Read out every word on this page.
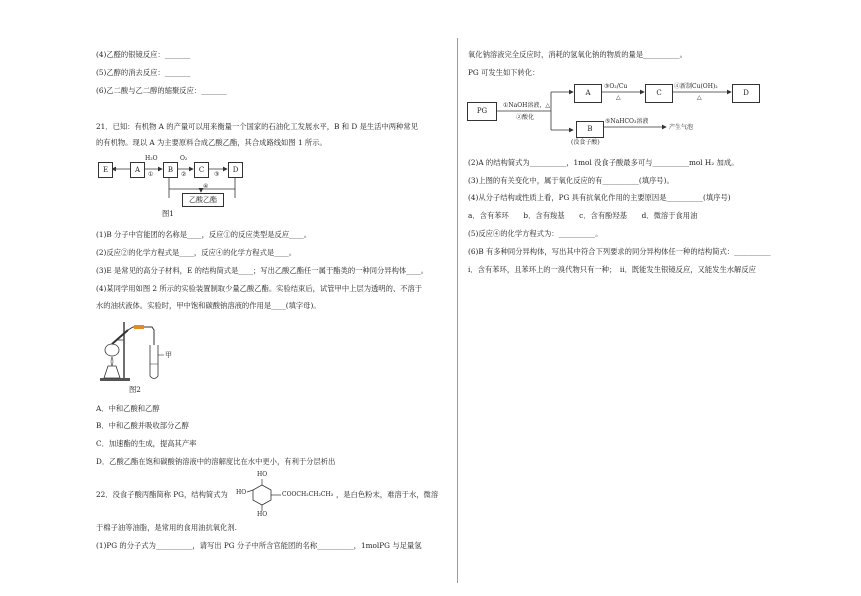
(4)乙醛的银镜反应：_______
(5)乙醇的消去反应：_______
(6)乙二酸与乙二醇的缩聚反应：_______
21．已知：有机物 A 的产量可以用来衡量一个国家的石油化工发展水平，B 和 D 是生活中两种常见
的有机物。现以 A 为主要原料合成乙酸乙酯，其合成路线如图 1 所示。
E	A	B	C	D
乙酸乙酯
H₂O
①
O₂
②	③
④
图1
(1)B 分子中官能团的名称是____，反应①的反应类型是反应____。
(2)反应②的化学方程式是____，反应④的化学方程式是____。
(3)E 是常见的高分子材料，E 的结构简式是____；写出乙酸乙酯任一属于酯类的一种同分异构体____。
(4)某同学用如图 2 所示的实验装置制取少量乙酸乙酯。实验结束后，试管甲中上层为透明的、不溶于
水的油状液体。实验时，甲中饱和碳酸钠溶液的作用是____(填字母)。
甲
图2
A．中和乙酸和乙醇
B．中和乙酸并吸收部分乙醇
C．加速酯的生成，提高其产率
D．乙酸乙酯在饱和碳酸钠溶液中的溶解度比在水中更小，有利于分层析出
22．没食子酸丙酯简称 PG，结构简式为
HO
HO
HO
COOCH₂CH₂CH₃ ，是白色粉末，难溶于水，微溶
于棉子油等油脂，是常用的食用油抗氧化剂.
(1)PG 的分子式为__________，请写出 PG 分子中所含官能团的名称__________，1molPG 与足量氢
氧化钠溶液完全反应时，消耗的氢氧化钠的物质的量是__________。
PG 可发生如下转化：
PG
A	C	D
B
①NaOH溶液，△
②酸化
③O₂/Cu
△
④新制Cu(OH)₂
△
(没食子酸)
⑤NaHCO₃溶液
产生气泡
(2)A 的结构简式为__________，1mol 没食子酸最多可与__________mol H₂ 加成。
(3)上图的有关变化中，属于氧化反应的有__________(填序号)。
(4)从分子结构或性质上看，PG 具有抗氧化作用的主要原因是__________(填序号)
a．含有苯环　　b．含有羧基　　c．含有酚羟基　　d．微溶于食用油
(5)反应④的化学方程式为：__________。
(6)B 有多种同分异构体，写出其中符合下列要求的同分异构体任一种的结构简式：__________
i．含有苯环，且苯环上的一溴代物只有一种；　ii．既能发生银镜反应，又能发生水解反应
